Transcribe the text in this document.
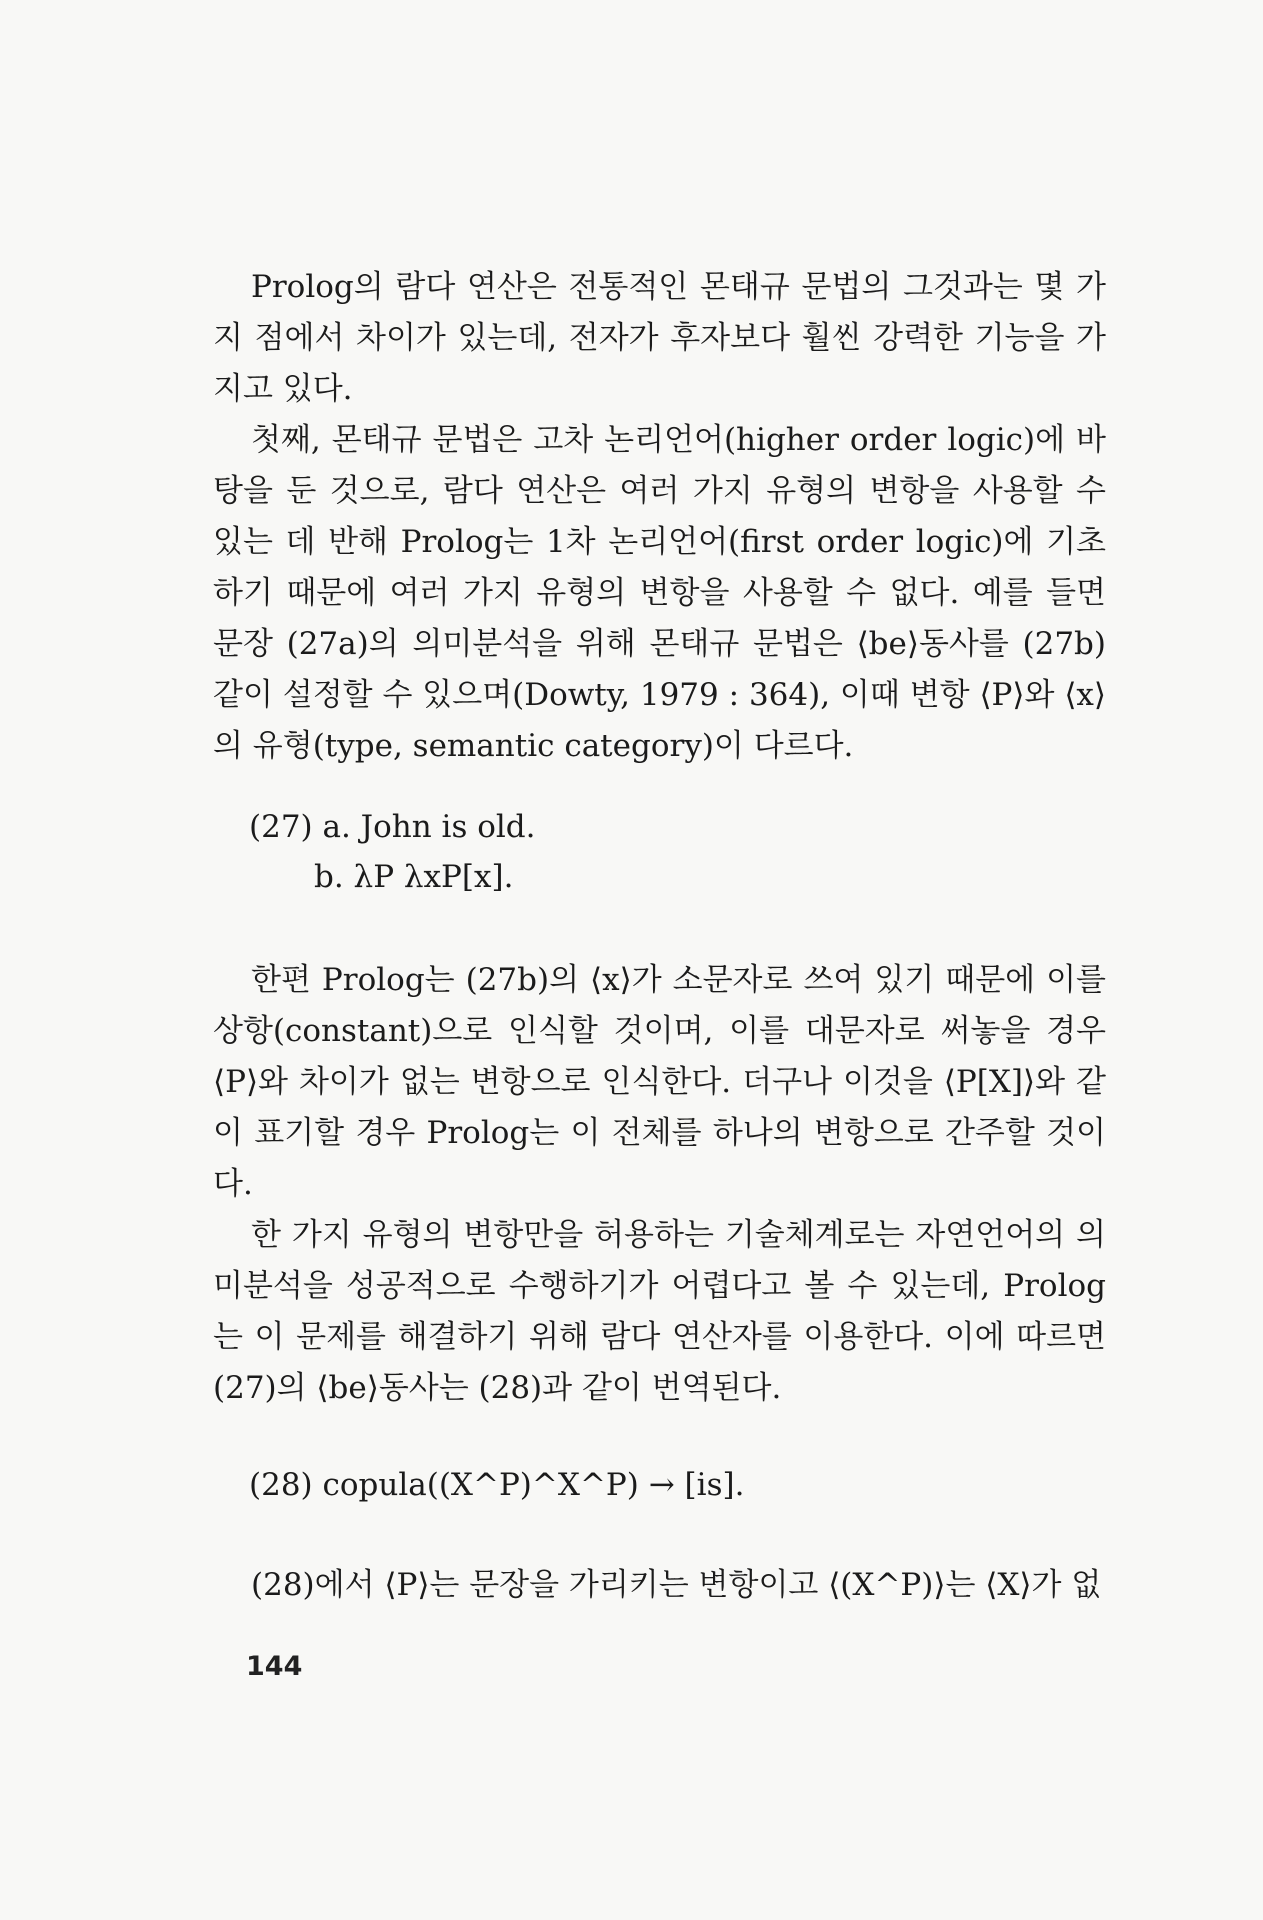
Prolog의 람다 연산은 전통적인 몬태규 문법의 그것과는 몇 가지 점에서 차이가 있는데, 전자가 후자보다 훨씬 강력한 기능을 가지고 있다.

첫째, 몬태규 문법은 고차 논리언어(higher order logic)에 바탕을 둔 것으로, 람다 연산은 여러 가지 유형의 변항을 사용할 수 있는 데 반해 Prolog는 1차 논리언어(first order logic)에 기초하기 때문에 여러 가지 유형의 변항을 사용할 수 없다. 예를 들면 문장 (27a)의 의미분석을 위해 몬태규 문법은 ⟨be⟩동사를 (27b)같이 설정할 수 있으며(Dowty, 1979 : 364), 이때 변항 ⟨P⟩와 ⟨x⟩의 유형(type, semantic category)이 다르다.

(27) a. John is old.
b. λP λxP[x].

한편 Prolog는 (27b)의 ⟨x⟩가 소문자로 쓰여 있기 때문에 이를 상항(constant)으로 인식할 것이며, 이를 대문자로 써놓을 경우 ⟨P⟩와 차이가 없는 변항으로 인식한다. 더구나 이것을 ⟨P[X]⟩와 같이 표기할 경우 Prolog는 이 전체를 하나의 변항으로 간주할 것이다.

한 가지 유형의 변항만을 허용하는 기술체계로는 자연언어의 의미분석을 성공적으로 수행하기가 어렵다고 볼 수 있는데, Prolog는 이 문제를 해결하기 위해 람다 연산자를 이용한다. 이에 따르면 (27)의 ⟨be⟩동사는 (28)과 같이 번역된다.

(28) copula((X^P)^X^P) → [is].

(28)에서 ⟨P⟩는 문장을 가리키는 변항이고 ⟨(X^P)⟩는 ⟨X⟩가 없

144
